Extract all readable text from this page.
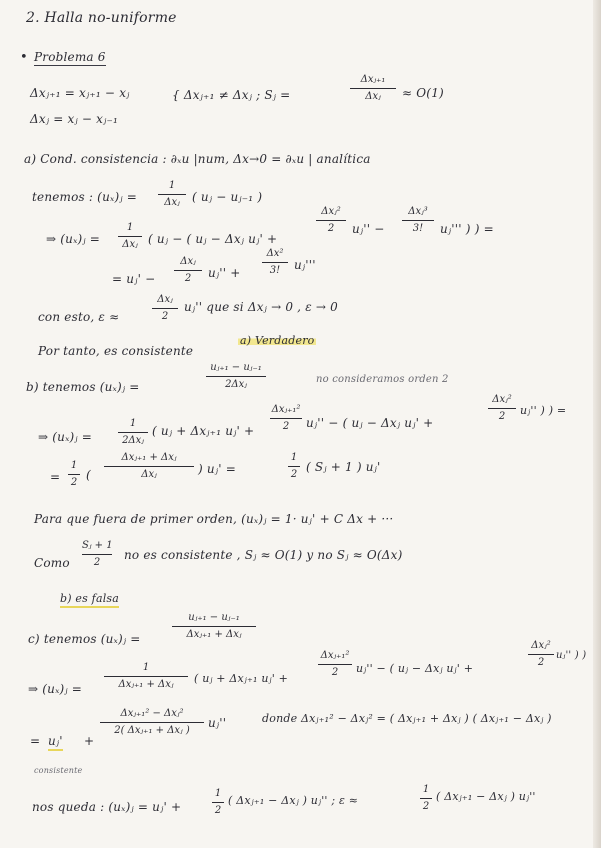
2. Halla no-uniforme
• Problema 6
Δxⱼ₊₁ = xⱼ₊₁ − xⱼ
Δxⱼ = xⱼ − xⱼ₋₁
{ Δxⱼ₊₁ ≠ Δxⱼ ; Sⱼ =
Δxⱼ₊₁
Δxⱼ	≈ O(1)
a) Cond. consistencia : ∂ₓu |num, Δx→0 = ∂ₓu | analítica
tenemos : (uₓ)ⱼ =
1
Δxⱼ	( uⱼ − uⱼ₋₁ )
⇒ (uₓ)ⱼ =
1
Δxⱼ ( uⱼ − ( uⱼ − Δxⱼ uⱼ' +
Δxⱼ²
2	uⱼ'' −
Δxⱼ³
3!	uⱼ''' ) ) =
= uⱼ' −
Δxⱼ
2	uⱼ'' +
Δx²
3!	uⱼ'''
con esto, ε ≈
Δxⱼ
2
uⱼ'' que si Δxⱼ → 0 , ε → 0
Por tanto, es consistente
a) Verdadero
b) tenemos (uₓ)ⱼ =
uⱼ₊₁ − uⱼ₋₁
2Δxⱼ	no consideramos orden 2
⇒ (uₓ)ⱼ =
1
2Δxⱼ
( uⱼ + Δxⱼ₊₁ uⱼ' +
Δxⱼ₊₁²
2	uⱼ'' − ( uⱼ − Δxⱼ uⱼ' +
Δxⱼ²
2	uⱼ'' ) ) =
=
1
2
(
Δxⱼ₊₁ + Δxⱼ
Δxⱼ	) uⱼ' =
1
2
( Sⱼ + 1 ) uⱼ'
Para que fuera de primer orden, (uₓ)ⱼ = 1· uⱼ' + C Δx + ···
Como
Sⱼ + 1
2
no es consistente , Sⱼ ≈ O(1) y no Sⱼ ≈ O(Δx)
b) es falsa
c) tenemos (uₓ)ⱼ =
uⱼ₊₁ − uⱼ₋₁
Δxⱼ₊₁ + Δxⱼ
⇒ (uₓ)ⱼ =
1
Δxⱼ₊₁ + Δxⱼ	( uⱼ + Δxⱼ₊₁ uⱼ' +
Δxⱼ₊₁²
2	uⱼ'' − ( uⱼ − Δxⱼ uⱼ' +
Δxⱼ²
2
uⱼ'' ) )
= uⱼ' +
Δxⱼ₊₁² − Δxⱼ²
2( Δxⱼ₊₁ + Δxⱼ )
uⱼ''	donde Δxⱼ₊₁² − Δxⱼ² = ( Δxⱼ₊₁ + Δxⱼ ) ( Δxⱼ₊₁ − Δxⱼ )
consistente
nos queda : (uₓ)ⱼ = uⱼ' +
1
2
( Δxⱼ₊₁ − Δxⱼ ) uⱼ'' ; ε ≈
1
2
( Δxⱼ₊₁ − Δxⱼ ) uⱼ''
